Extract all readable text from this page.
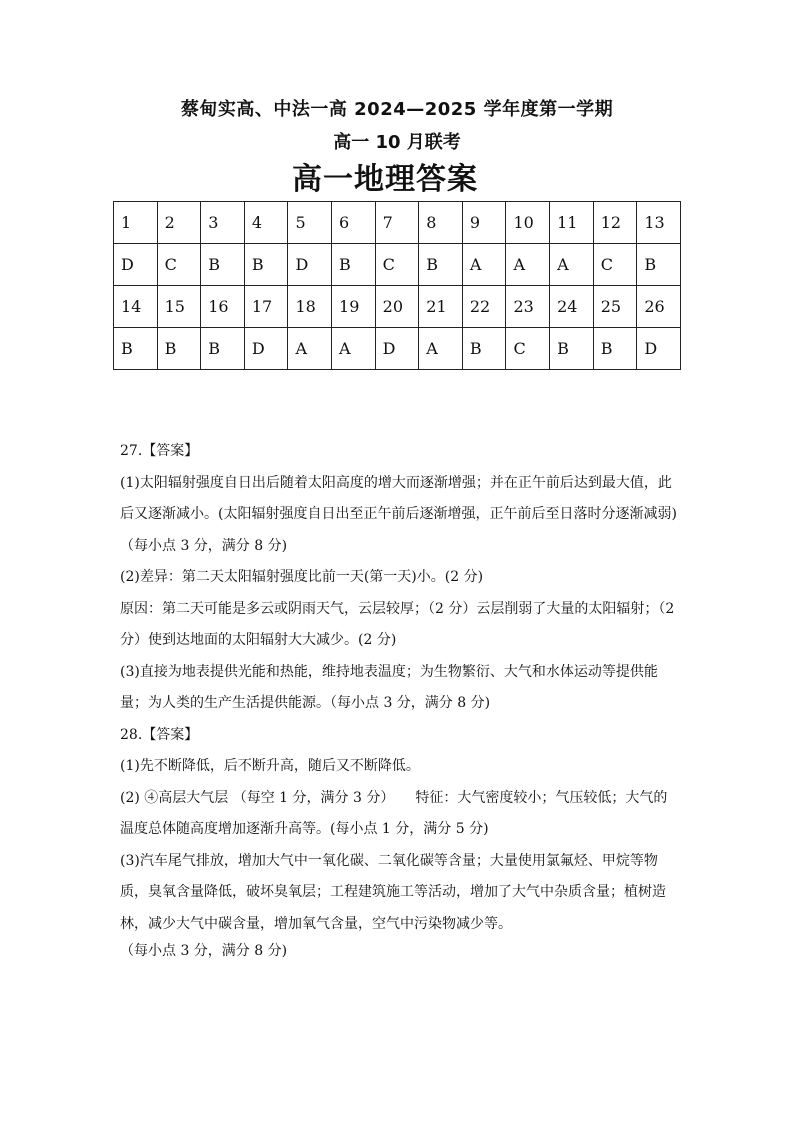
蔡甸实高、中法一高 2024—2025 学年度第一学期
高一 10 月联考
高一地理答案
1	2	3	4	5	6	7	8	9	10	11	12	13
D	C	B	B	D	B	C	B	A	A	A	C	B
14	15	16	17	18	19	20	21	22	23	24	25	26
B	B	B	D	A	A	D	A	B	C	B	B	D

27.【答案】

(1)太阳辐射强度自日出后随着太阳高度的增大而逐渐增强；并在正午前后达到最大值，此后又逐渐减小。(太阳辐射强度自日出至正午前后逐渐增强，正午前后至日落时分逐渐减弱)（每小点 3 分，满分 8 分)

(2)差异：第二天太阳辐射强度比前一天(第一天)小。(2 分)

原因：第二天可能是多云或阴雨天气，云层较厚；（2 分）云层削弱了大量的太阳辐射；（2 分）使到达地面的太阳辐射大大减少。(2 分)

(3)直接为地表提供光能和热能，维持地表温度；为生物繁衍、大气和水体运动等提供能量；为人类的生产生活提供能源。（每小点 3 分，满分 8 分)

28.【答案】

(1)先不断降低，后不断升高，随后又不断降低。

(2) ④高层大气层 （每空 1 分，满分 3 分）　　特征：大气密度较小；气压较低；大气的温度总体随高度增加逐渐升高等。(每小点 1 分，满分 5 分)

(3)汽车尾气排放，增加大气中一氧化碳、二氧化碳等含量；大量使用氯氟烃、甲烷等物质，臭氧含量降低，破坏臭氧层；工程建筑施工等活动，增加了大气中杂质含量；植树造林，减少大气中碳含量，增加氧气含量，空气中污染物减少等。

（每小点 3 分，满分 8 分)
